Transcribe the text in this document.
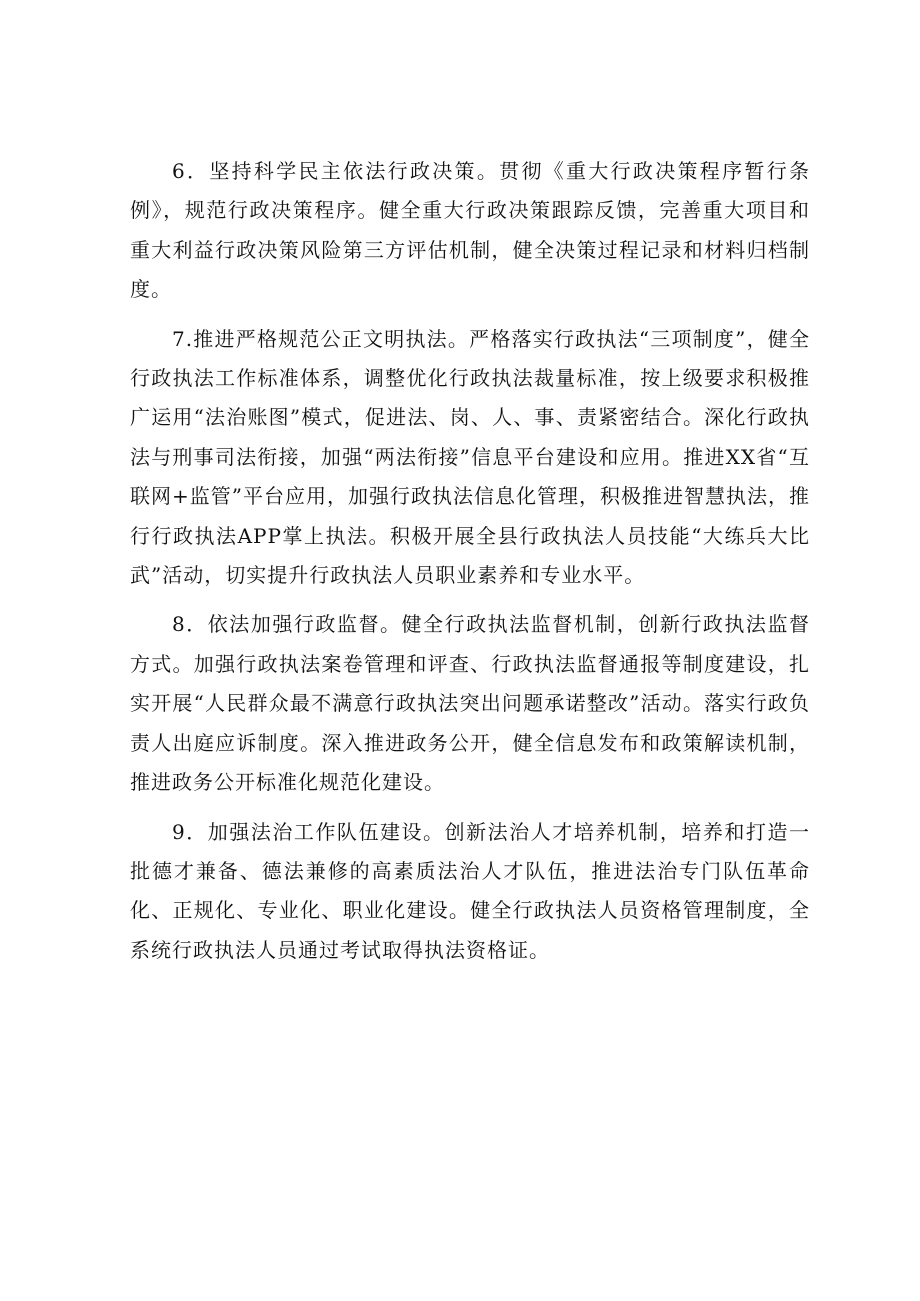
6．坚持科学民主依法行政决策。贯彻《重大行政决策程序暂行条例》，规范行政决策程序。健全重大行政决策跟踪反馈，完善重大项目和重大利益行政决策风险第三方评估机制，健全决策过程记录和材料归档制度。

7.推进严格规范公正文明执法。严格落实行政执法“三项制度”，健全行政执法工作标准体系，调整优化行政执法裁量标准，按上级要求积极推广运用“法治账图”模式，促进法、岗、人、事、责紧密结合。深化行政执法与刑事司法衔接，加强“两法衔接”信息平台建设和应用。推进XX省“互联网+监管”平台应用，加强行政执法信息化管理，积极推进智慧执法，推行行政执法APP掌上执法。积极开展全县行政执法人员技能“大练兵大比武”活动，切实提升行政执法人员职业素养和专业水平。

8．依法加强行政监督。健全行政执法监督机制，创新行政执法监督方式。加强行政执法案卷管理和评查、行政执法监督通报等制度建设，扎实开展“人民群众最不满意行政执法突出问题承诺整改”活动。落实行政负责人出庭应诉制度。深入推进政务公开，健全信息发布和政策解读机制，推进政务公开标准化规范化建设。

9．加强法治工作队伍建设。创新法治人才培养机制，培养和打造一批德才兼备、德法兼修的高素质法治人才队伍，推进法治专门队伍革命化、正规化、专业化、职业化建设。健全行政执法人员资格管理制度，全系统行政执法人员通过考试取得执法资格证。
